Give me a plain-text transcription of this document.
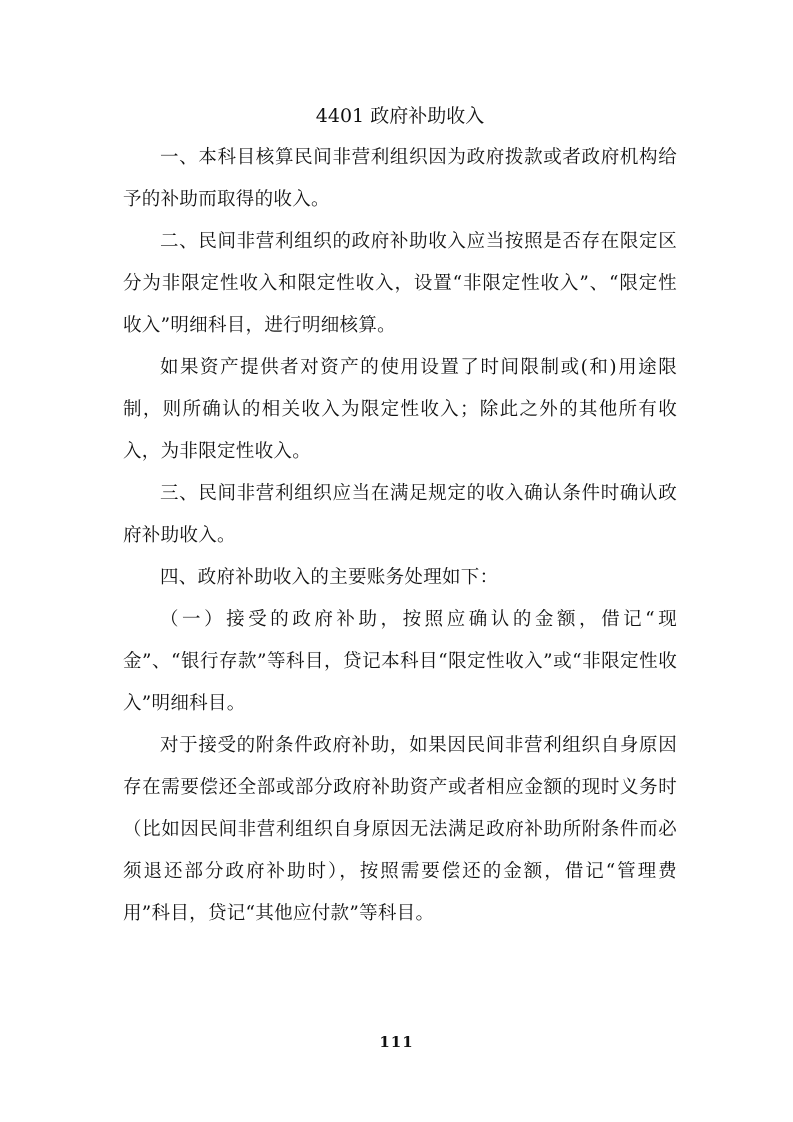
4401 政府补助收入

一、本科目核算民间非营利组织因为政府拨款或者政府机构给予的补助而取得的收入。

二、民间非营利组织的政府补助收入应当按照是否存在限定区分为非限定性收入和限定性收入，设置“非限定性收入”、“限定性收入”明细科目，进行明细核算。

如果资产提供者对资产的使用设置了时间限制或(和)用途限制，则所确认的相关收入为限定性收入；除此之外的其他所有收入，为非限定性收入。

三、民间非营利组织应当在满足规定的收入确认条件时确认政府补助收入。

四、政府补助收入的主要账务处理如下：

（一）接受的政府补助，按照应确认的金额，借记“现金”、“银行存款”等科目，贷记本科目“限定性收入”或“非限定性收入”明细科目。

对于接受的附条件政府补助，如果因民间非营利组织自身原因存在需要偿还全部或部分政府补助资产或者相应金额的现时义务时（比如因民间非营利组织自身原因无法满足政府补助所附条件而必须退还部分政府补助时），按照需要偿还的金额，借记“管理费用”科目，贷记“其他应付款”等科目。

111
